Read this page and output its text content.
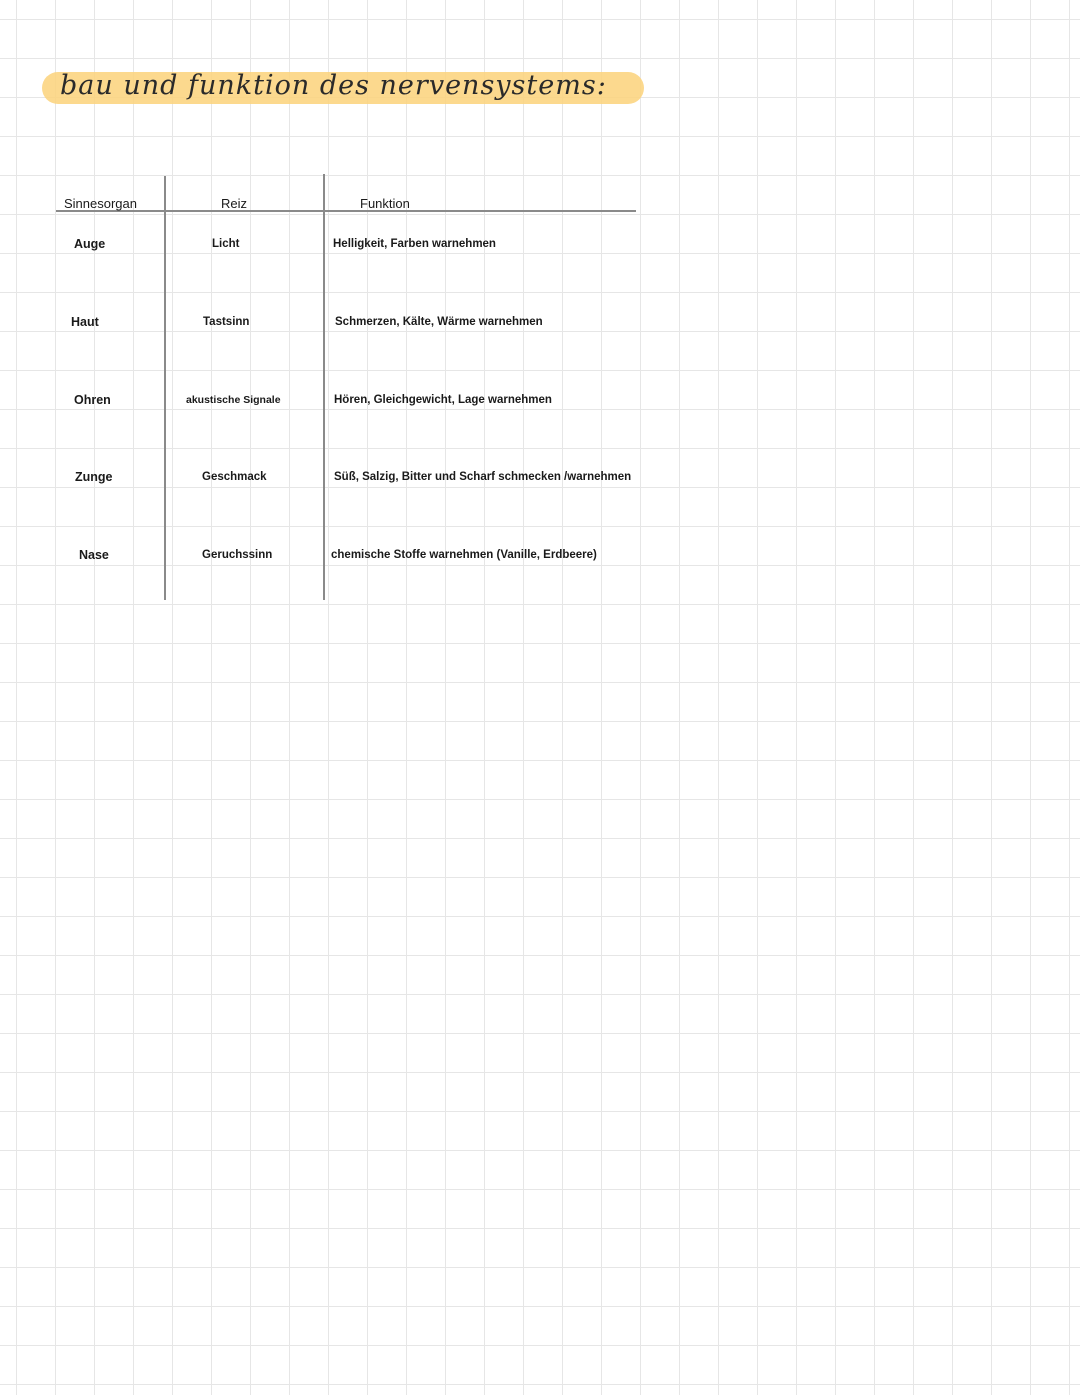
bau und funktion des nervensystems:
Sinnesorgan	Reiz	Funktion
Auge	Licht	Helligkeit, Farben warnehmen
Haut	Tastsinn	Schmerzen, Kälte, Wärme warnehmen
Ohren	akustische Signale	Hören, Gleichgewicht, Lage warnehmen
Zunge	Geschmack	Süß, Salzig, Bitter und Scharf schmecken /warnehmen
Nase	Geruchssinn	chemische Stoffe warnehmen (Vanille, Erdbeere)
